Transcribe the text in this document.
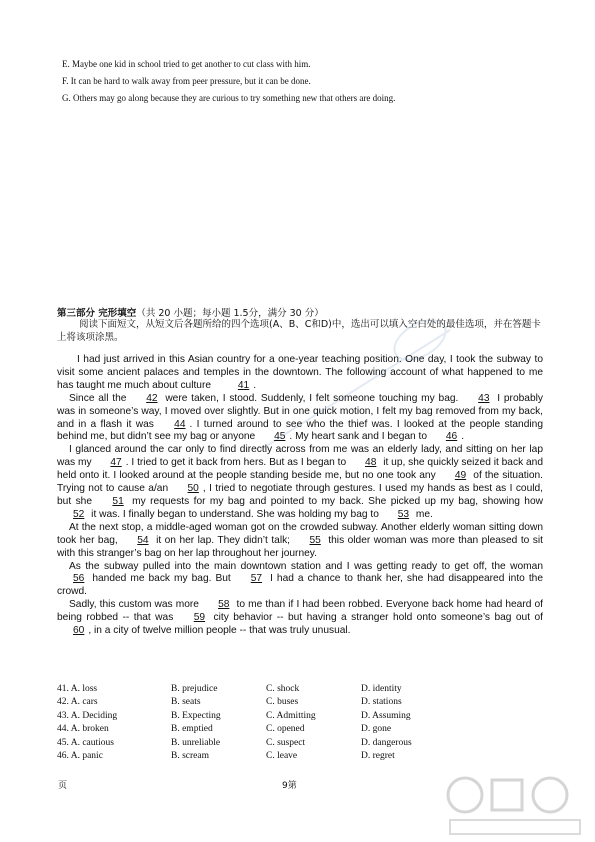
E. Maybe one kid in school tried to get another to cut class with him.
F. It can be hard to walk away from peer pressure, but it can be done.
G. Others may go along because they are curious to try something new that others are doing.
第三部分 完形填空（共 20 小题；每小题 1.5分，满分 30 分）
阅读下面短文，从短文后各题所给的四个选项(A、B、C和D)中，选出可以填入空白处的最佳选项，并在答题卡上将该项涂黑。

I had just arrived in this Asian country for a one-year teaching position. One day, I took the subway to visit some ancient palaces and temples in the downtown. The following account of what happened to me has taught me much about culture 41 .

Since all the 42 were taken, I stood. Suddenly, I felt someone touching my bag. 43 I probably was in someone’s way, I moved over slightly. But in one quick motion, I felt my bag removed from my back, and in a flash it was 44 . I turned around to see who the thief was. I looked at the people standing behind me, but didn’t see my bag or anyone 45 . My heart sank and I began to 46 .

I glanced around the car only to find directly across from me was an elderly lady, and sitting on her lap was my 47 . I tried to get it back from hers. But as I began to 48 it up, she quickly seized it back and held onto it. I looked around at the people standing beside me, but no one took any 49 of the situation. Trying not to cause a/an 50 , I tried to negotiate through gestures. I used my hands as best as I could, but she 51 my requests for my bag and pointed to my back. She picked up my bag, showing how 52 it was. I finally began to understand. She was holding my bag to 53 me.

At the next stop, a middle-aged woman got on the crowded subway. Another elderly woman sitting down took her bag, 54 it on her lap. They didn’t talk; 55 this older woman was more than pleased to sit with this stranger’s bag on her lap throughout her journey.

As the subway pulled into the main downtown station and I was getting ready to get off, the woman 56 handed me back my bag. But 57 I had a chance to thank her, she had disappeared into the crowd.

Sadly, this custom was more 58 to me than if I had been robbed. Everyone back home had heard of being robbed -- that was 59 city behavior -- but having a stranger hold onto someone’s bag out of 60 , in a city of twelve million people -- that was truly unusual.

41. A. loss	B. prejudice	C. shock	D. identity
42. A. cars	B. seats	C. buses	D. stations
43. A. Deciding	B. Expecting	C. Admitting	D. Assuming
44. A. broken	B. emptied	C. opened	D. gone
45. A. cautious	B. unreliable	C. suspect	D. dangerous
46. A. panic	B. scream	C. leave	D. regret
页	9第
